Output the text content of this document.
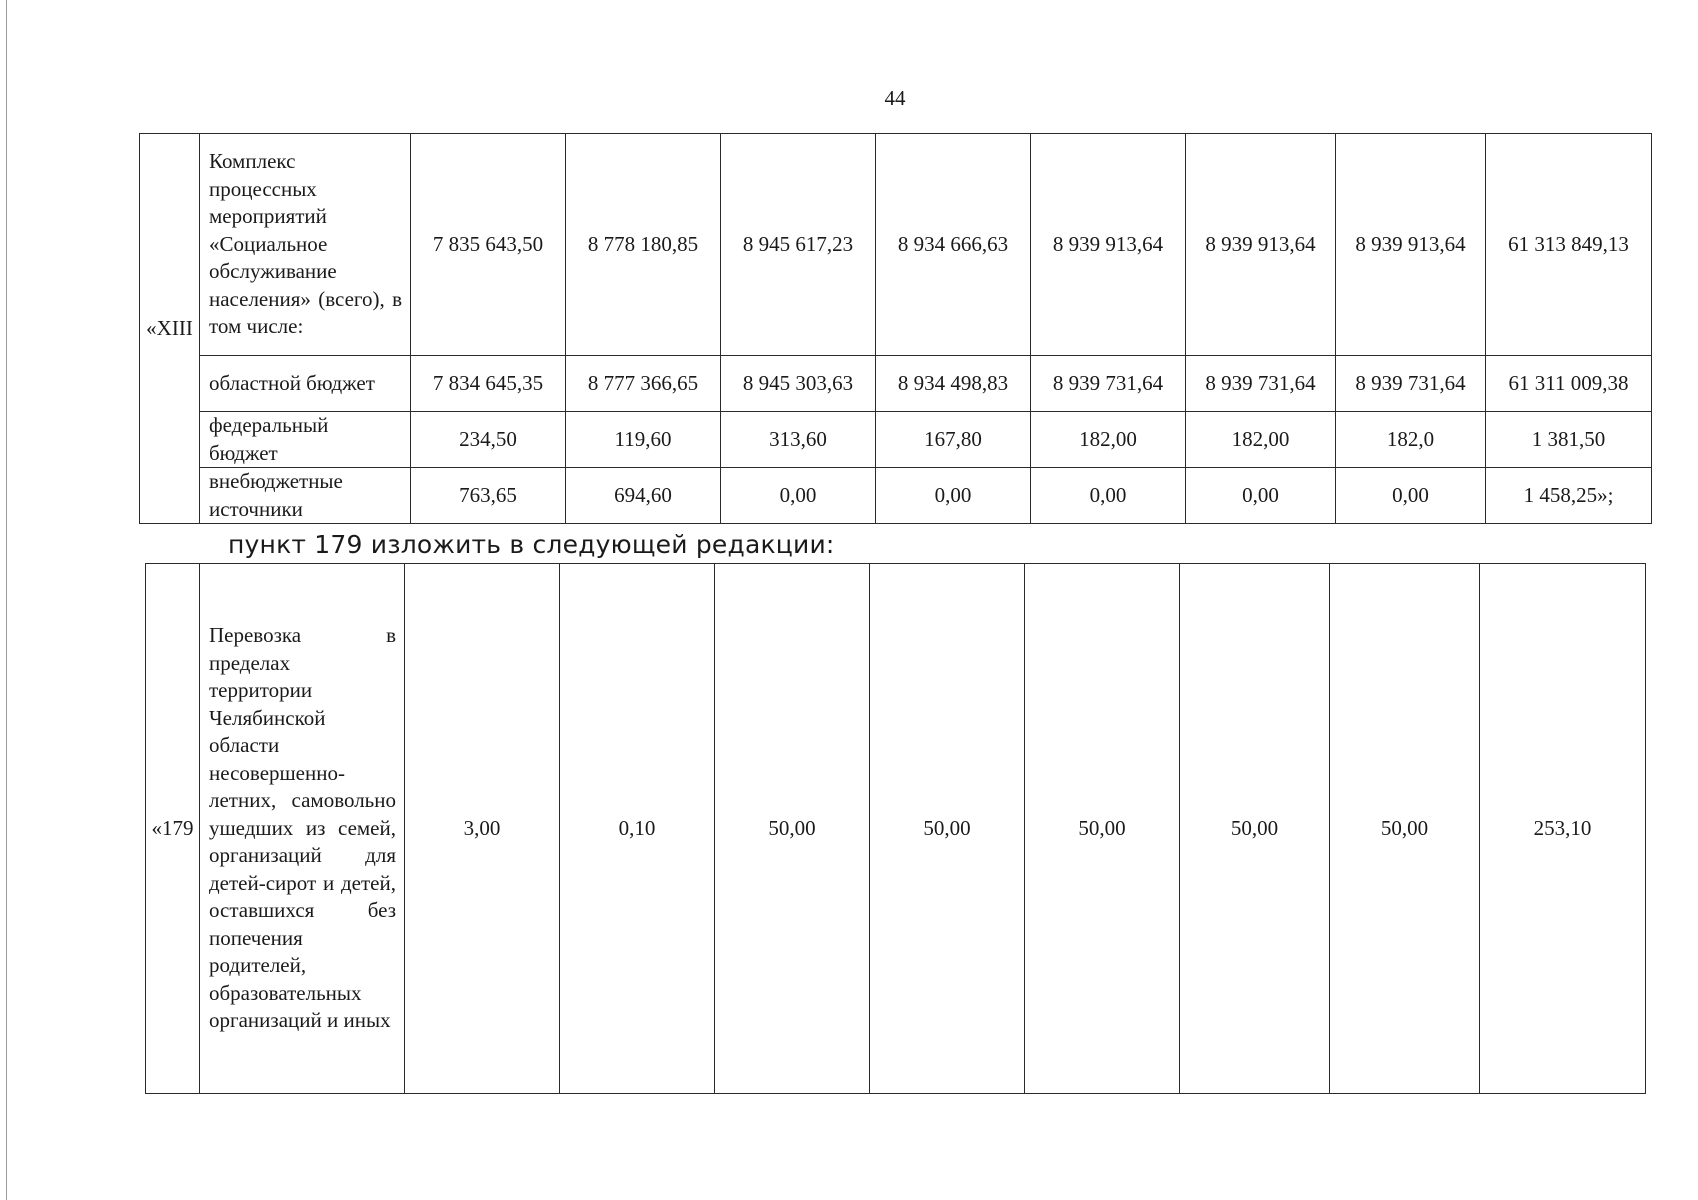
44
«XIII	Комплекс процессных мероприятий «Социальное обслуживание населения» (всего), в том числе:	7 835 643,50	8 778 180,85	8 945 617,23	8 934 666,63	8 939 913,64	8 939 913,64	8 939 913,64	61 313 849,13
	областной бюджет	7 834 645,35	8 777 366,65	8 945 303,63	8 934 498,83	8 939 731,64	8 939 731,64	8 939 731,64	61 311 009,38
	федеральный бюджет	234,50	119,60	313,60	167,80	182,00	182,00	182,0	1 381,50
	внебюджетные источники	763,65	694,60	0,00	0,00	0,00	0,00	0,00	1 458,25»;
пункт 179 изложить в следующей редакции:
«179	Перевозка в пределах территории Челябинской области несовершенно- летних, самовольно ушедших из семей, организаций для детей-сирот и детей, оставшихся без попечения родителей, образовательных организаций и иных	3,00	0,10	50,00	50,00	50,00	50,00	50,00	253,10
